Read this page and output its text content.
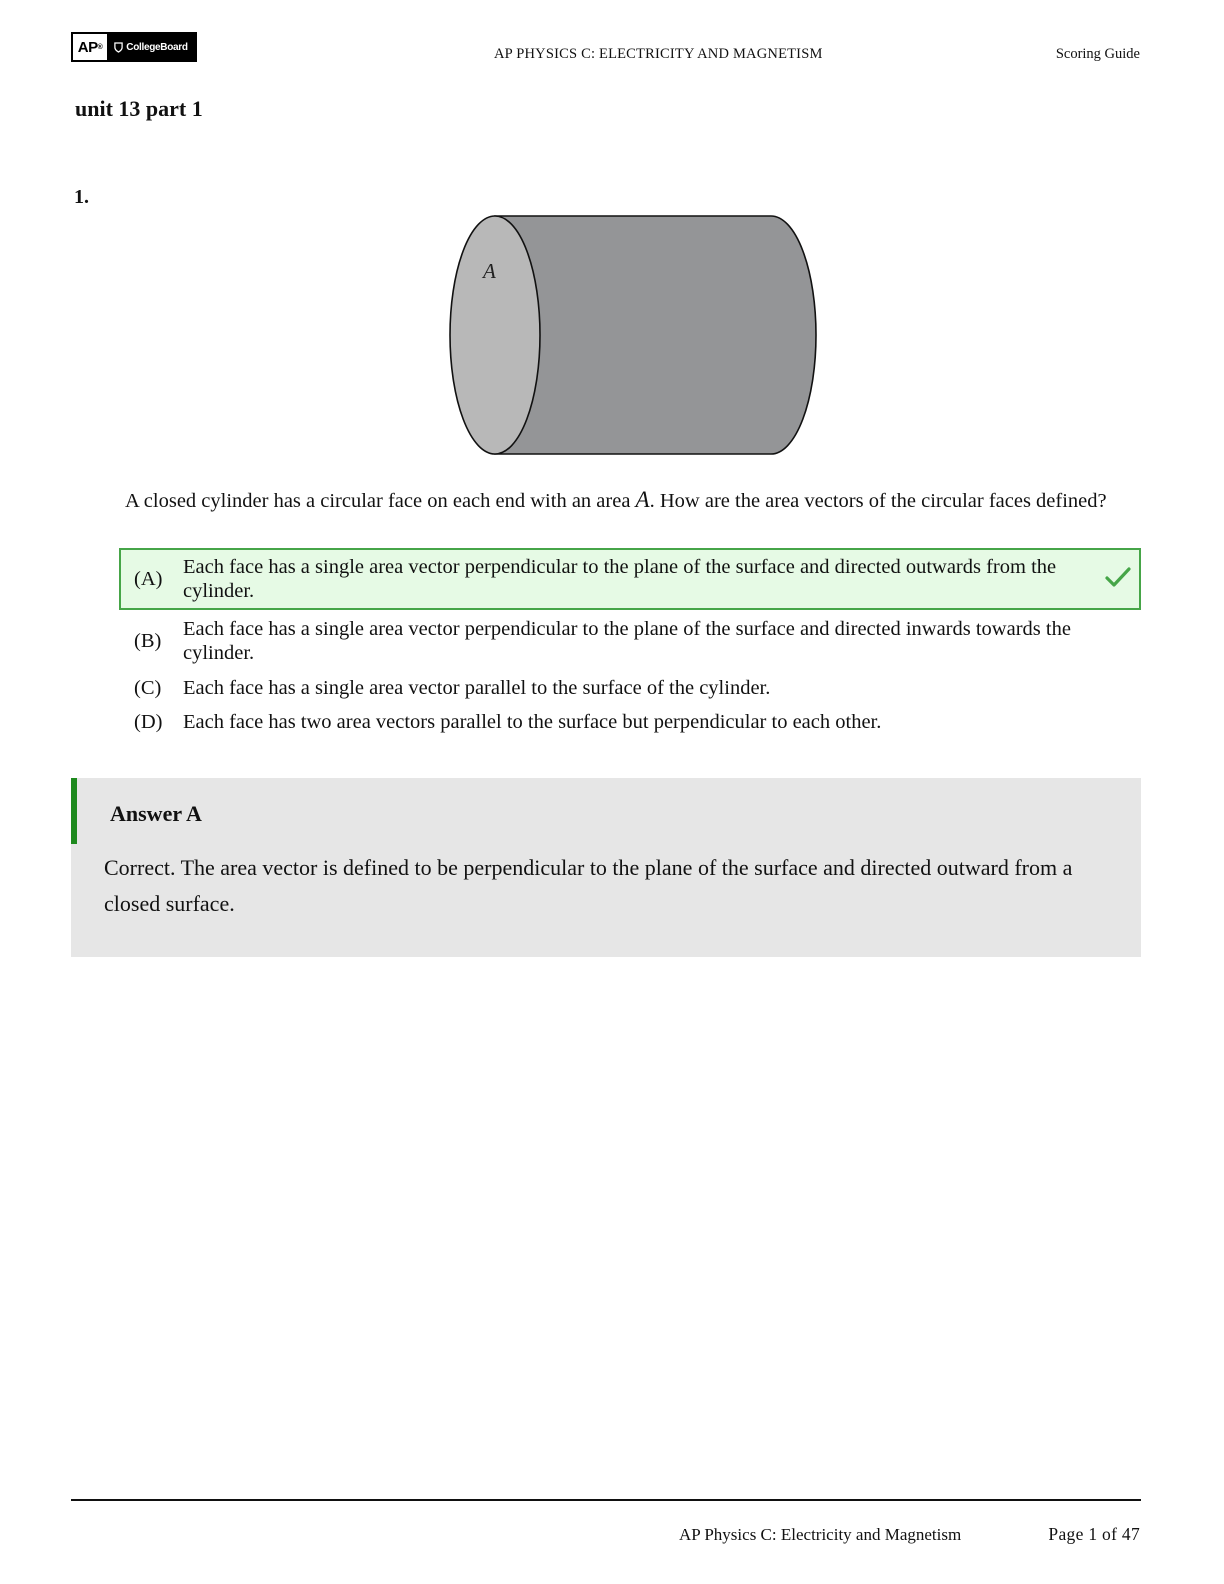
AP ® CollegeBoard	AP PHYSICS C: ELECTRICITY AND MAGNETISM	Scoring Guide
unit 13 part 1
1.
A
A closed cylinder has a circular face on each end with an area A. How are the area vectors of the circular faces defined?
(A)
Each face has a single area vector perpendicular to the plane of the surface and directed outwards from the cylinder.
(B)
Each face has a single area vector perpendicular to the plane of the surface and directed inwards towards the cylinder.
(C)	Each face has a single area vector parallel to the surface of the cylinder.
(D)	Each face has two area vectors parallel to the surface but perpendicular to each other.
Answer A
Correct. The area vector is defined to be perpendicular to the plane of the surface and directed outward from a closed surface.
AP Physics C: Electricity and Magnetism	Page 1 of 47
